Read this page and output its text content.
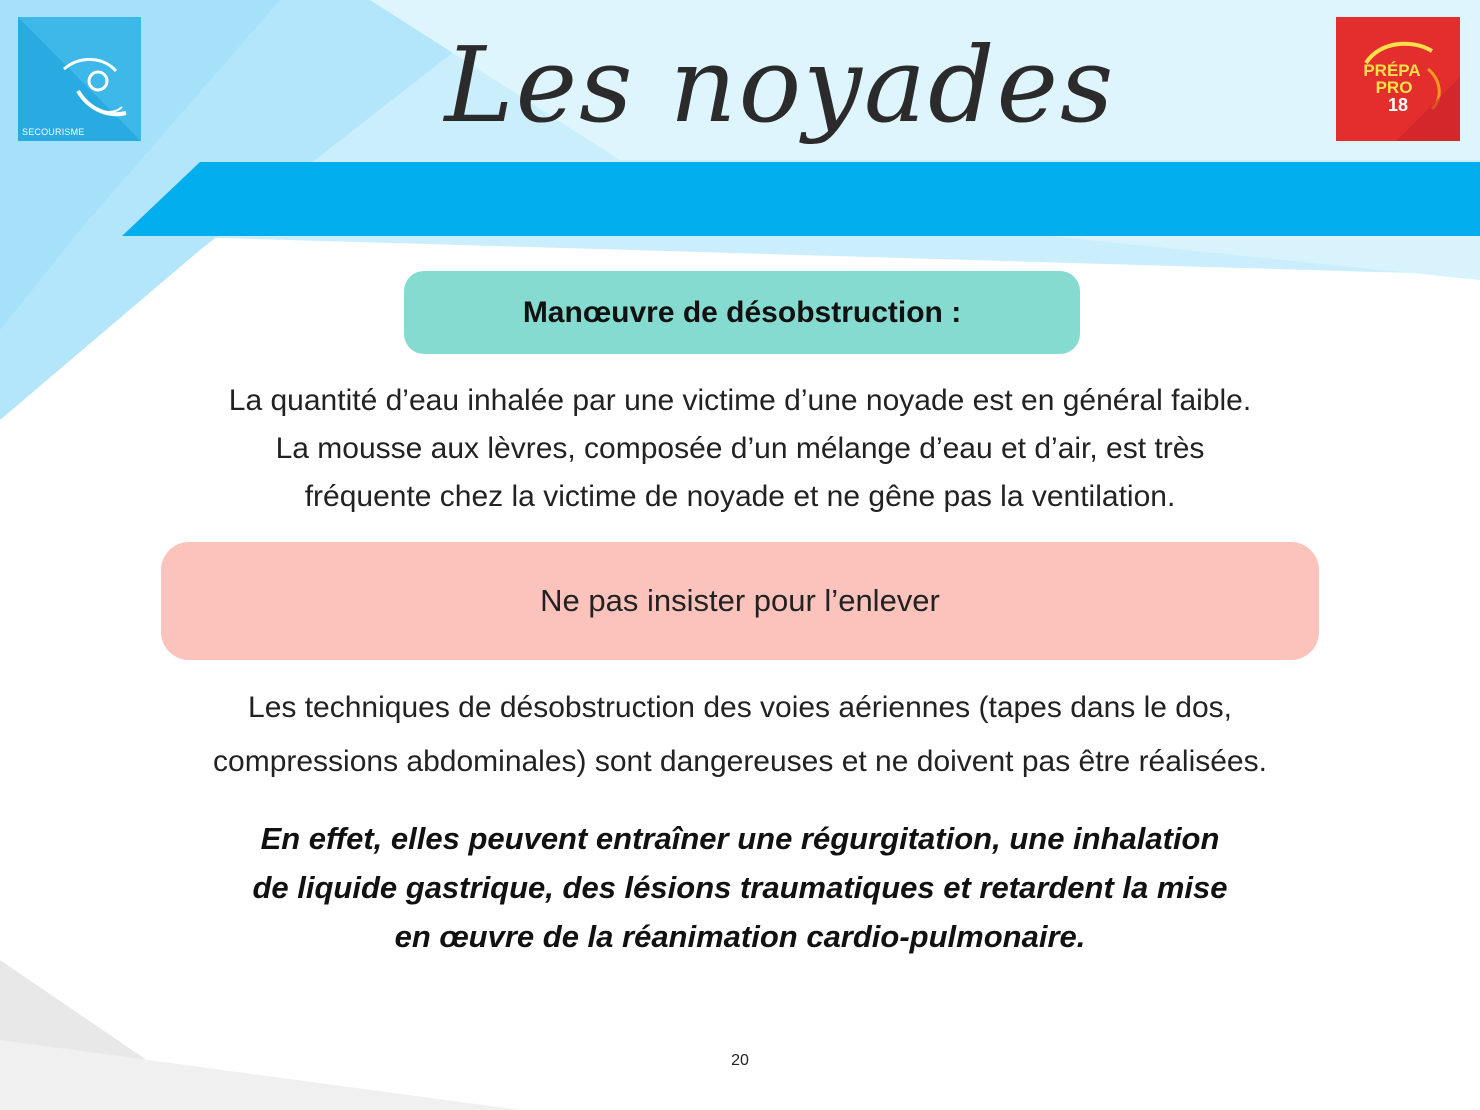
SECOURISME
PRÉPA
PRO
18
Les noyades
Manœuvre de désobstruction :
La quantité d’eau inhalée par une victime d’une noyade est en général faible.
La mousse aux lèvres, composée d’un mélange d’eau et d’air, est très
fréquente chez la victime de noyade et ne gêne pas la ventilation.
Ne pas insister pour l’enlever
Les techniques de désobstruction des voies aériennes (tapes dans le dos,
compressions abdominales) sont dangereuses et ne doivent pas être réalisées.
En effet, elles peuvent entraîner une régurgitation, une inhalation
de liquide gastrique, des lésions traumatiques et retardent la mise
en œuvre de la réanimation cardio-pulmonaire.
20
